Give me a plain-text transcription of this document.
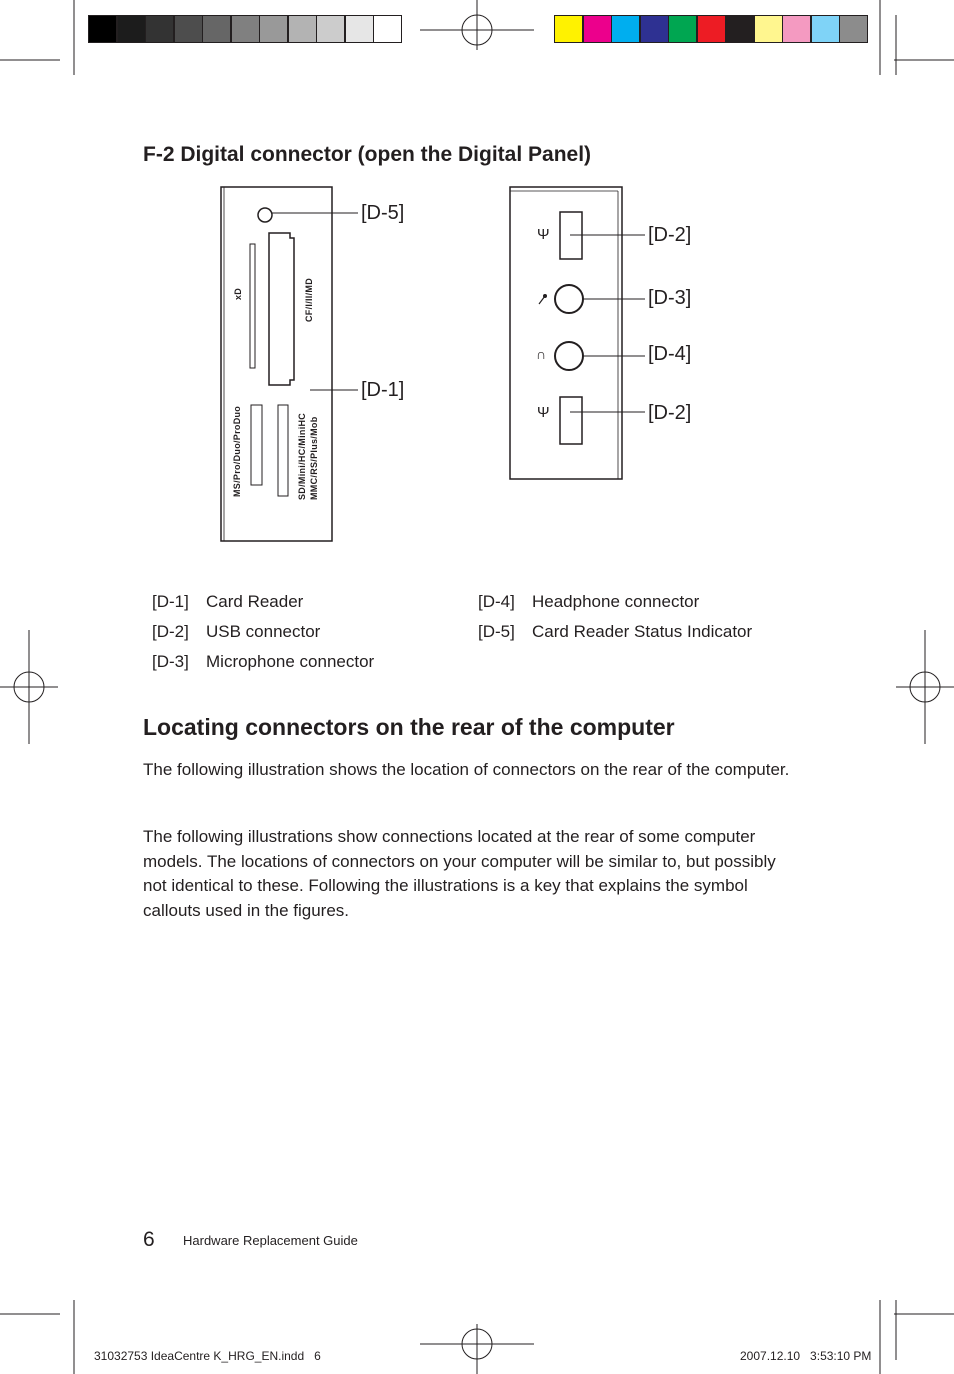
F-2 Digital connector (open the Digital Panel)
xD	CF/I/II/MD
MS/Pro/Duo/ProDuo	SD/Mini/HC/MiniHC MMC/RS/Plus/Mob
[D-5]
[D-1]
Ψ
∩
Ψ
[D-2]
[D-3]
[D-4]
[D-2]
[D-1] Card Reader
[D-2] USB connector
[D-3] Microphone connector
[D-4] Headphone connector
[D-5] Card Reader Status Indicator
Locating connectors on the rear of the computer

The following illustration shows the location of connectors on the rear of the computer.

The following illustrations show connections located at the rear of some computer models. The locations of connectors on your computer will be similar to, but possibly not identical to these. Following the illustrations is a key that explains the symbol callouts used in the figures.

6 Hardware Replacement Guide
31032753 IdeaCentre K_HRG_EN.indd   6	2007.12.10   3:53:10 PM
